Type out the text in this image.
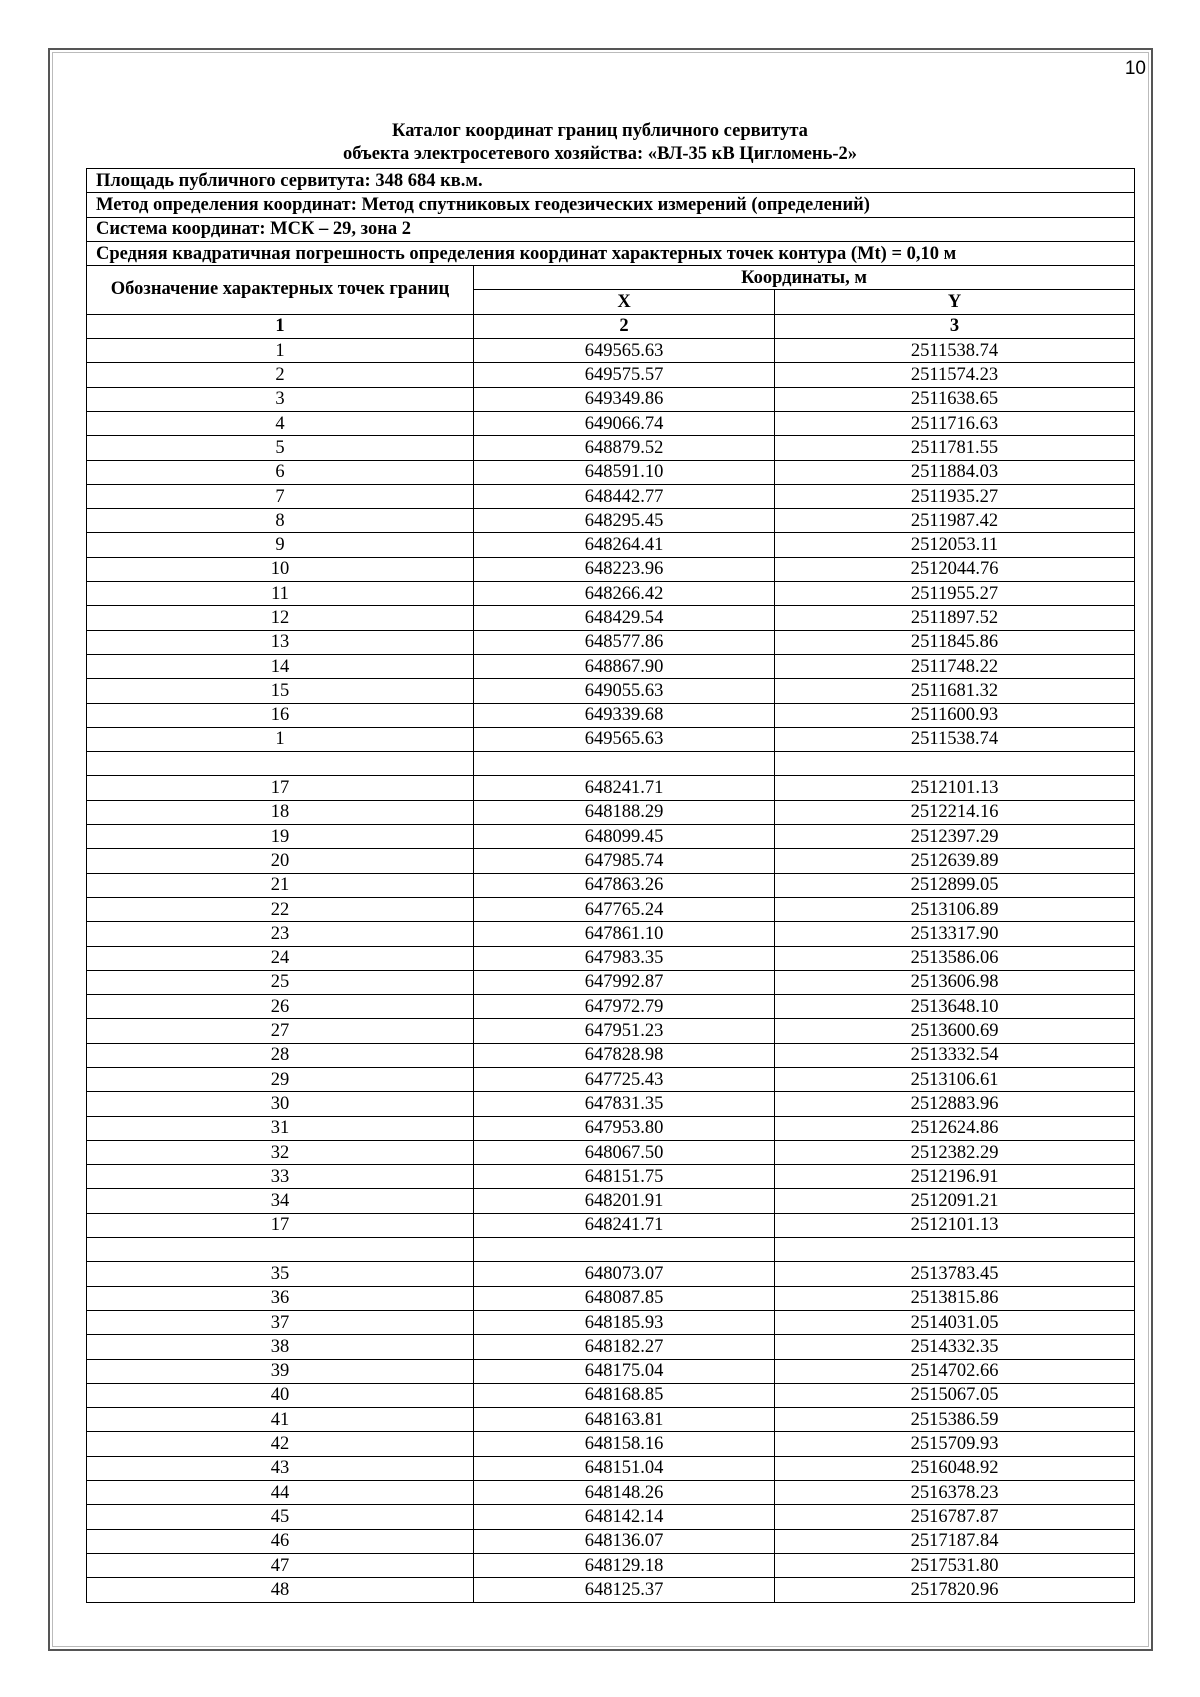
10
Каталог координат границ публичного сервитута
объекта электросетевого хозяйства: «ВЛ-35 кВ Цигломень-2»
Площадь публичного сервитута: 348 684 кв.м.		
Метод определения координат: Метод спутниковых геодезических измерений (определений)		
Система координат: МСК – 29, зона 2		
Средняя квадратичная погрешность определения координат характерных точек контура (Mt) = 0,10 м		
Обозначение характерных точек границ	Координаты, м	
	X	Y
1	2	3
1	649565.63	2511538.74
2	649575.57	2511574.23
3	649349.86	2511638.65
4	649066.74	2511716.63
5	648879.52	2511781.55
6	648591.10	2511884.03
7	648442.77	2511935.27
8	648295.45	2511987.42
9	648264.41	2512053.11
10	648223.96	2512044.76
11	648266.42	2511955.27
12	648429.54	2511897.52
13	648577.86	2511845.86
14	648867.90	2511748.22
15	649055.63	2511681.32
16	649339.68	2511600.93
1	649565.63	2511538.74

17	648241.71	2512101.13
18	648188.29	2512214.16
19	648099.45	2512397.29
20	647985.74	2512639.89
21	647863.26	2512899.05
22	647765.24	2513106.89
23	647861.10	2513317.90
24	647983.35	2513586.06
25	647992.87	2513606.98
26	647972.79	2513648.10
27	647951.23	2513600.69
28	647828.98	2513332.54
29	647725.43	2513106.61
30	647831.35	2512883.96
31	647953.80	2512624.86
32	648067.50	2512382.29
33	648151.75	2512196.91
34	648201.91	2512091.21
17	648241.71	2512101.13

35	648073.07	2513783.45
36	648087.85	2513815.86
37	648185.93	2514031.05
38	648182.27	2514332.35
39	648175.04	2514702.66
40	648168.85	2515067.05
41	648163.81	2515386.59
42	648158.16	2515709.93
43	648151.04	2516048.92
44	648148.26	2516378.23
45	648142.14	2516787.87
46	648136.07	2517187.84
47	648129.18	2517531.80
48	648125.37	2517820.96
